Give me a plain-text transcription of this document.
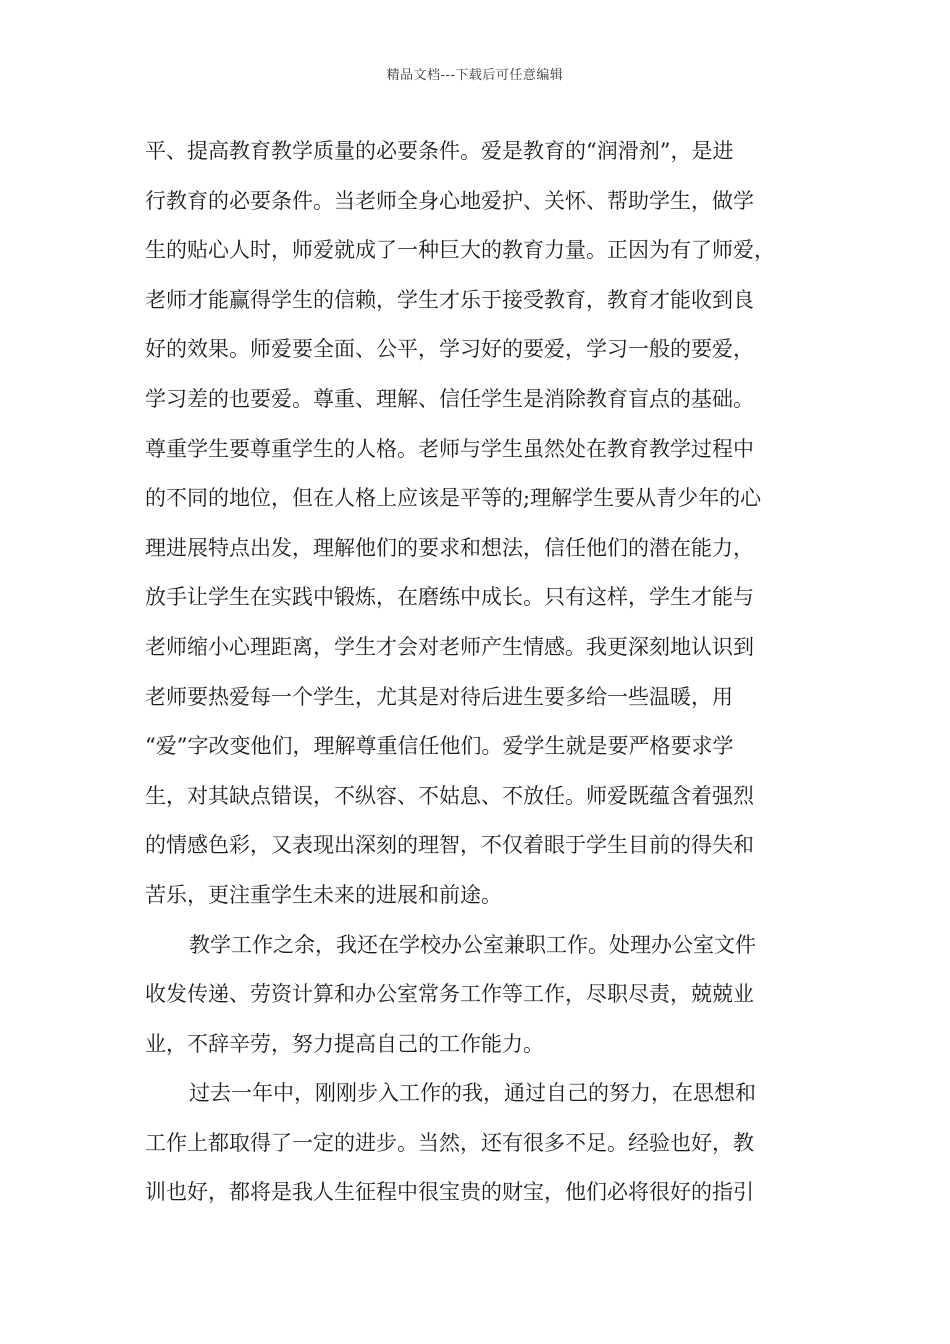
精品文档---下载后可任意编辑
平、提高教育教学质量的必要条件。爱是教育的“润滑剂”，是进
行教育的必要条件。当老师全身心地爱护、关怀、帮助学生，做学
生的贴心人时，师爱就成了一种巨大的教育力量。正因为有了师爱，
老师才能赢得学生的信赖，学生才乐于接受教育，教育才能收到良
好的效果。师爱要全面、公平，学习好的要爱，学习一般的要爱，
学习差的也要爱。尊重、理解、信任学生是消除教育盲点的基础。
尊重学生要尊重学生的人格。老师与学生虽然处在教育教学过程中
的不同的地位，但在人格上应该是平等的;理解学生要从青少年的心
理进展特点出发，理解他们的要求和想法，信任他们的潜在能力，
放手让学生在实践中锻炼，在磨练中成长。只有这样，学生才能与
老师缩小心理距离，学生才会对老师产生情感。我更深刻地认识到
老师要热爱每一个学生，尤其是对待后进生要多给一些温暖，用
“爱”字改变他们，理解尊重信任他们。爱学生就是要严格要求学
生，对其缺点错误，不纵容、不姑息、不放任。师爱既蕴含着强烈
的情感色彩，又表现出深刻的理智，不仅着眼于学生目前的得失和
苦乐，更注重学生未来的进展和前途。
教学工作之余，我还在学校办公室兼职工作。处理办公室文件
收发传递、劳资计算和办公室常务工作等工作，尽职尽责，兢兢业
业，不辞辛劳，努力提高自己的工作能力。
过去一年中，刚刚步入工作的我，通过自己的努力，在思想和
工作上都取得了一定的进步。当然，还有很多不足。经验也好，教
训也好，都将是我人生征程中很宝贵的财宝，他们必将很好的指引
